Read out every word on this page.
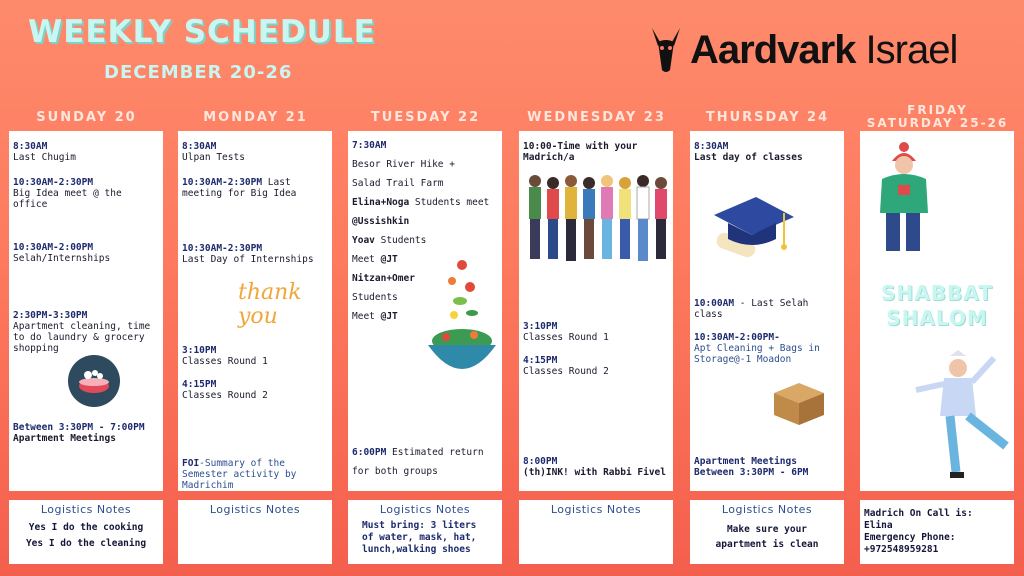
WEEKLY SCHEDULE
DECEMBER 20-26
Aardvark Israel
SUNDAY 20	MONDAY 21	TUESDAY 22	WEDNESDAY 23	THURSDAY 24	FRIDAY
SATURDAY 25-26
8:30AM
Last Chugim
10:30AM-2:30PM
Big Idea meet @ the office
10:30AM-2:00PM
Selah/Internships
2:30PM-3:30PM
Apartment cleaning, time to do laundry & grocery shopping
Between 3:30PM - 7:00PM
Apartment Meetings
Logistics Notes
Yes I do the cooking
Yes I do the cleaning
8:30AM
Ulpan Tests
10:30AM-2:30PM Last meeting for Big Idea
10:30AM-2:30PM
Last Day of Internships
thank you
3:10PM
Classes Round 1
4:15PM
Classes Round 2
FOI-Summary of the Semester activity by Madrichim
Logistics Notes
7:30AM
Besor River Hike +
Salad Trail Farm
Elina+Noga Students meet
@Ussishkin
Yoav Students
Meet @JT
Nitzan+Omer
Students
Meet @JT
6:00PM Estimated return
for both groups
Logistics Notes
Must bring: 3 liters of water, mask, hat, lunch,walking shoes
10:00-Time with your Madrich/a
3:10PM
Classes Round 1
4:15PM
Classes Round 2
8:00PM
(th)INK! with Rabbi Fivel
Logistics Notes
8:30AM
Last day of classes
10:00AM - Last Selah class
10:30AM-2:00PM-
Apt Cleaning + Bags in Storage@-1 Moadon
Apartment Meetings Between 3:30PM - 6PM
Logistics Notes
Make sure your apartment is clean
SHABBAT
SHALOM
Madrich On Call is:
Elina
Emergency Phone:
+972548959281
